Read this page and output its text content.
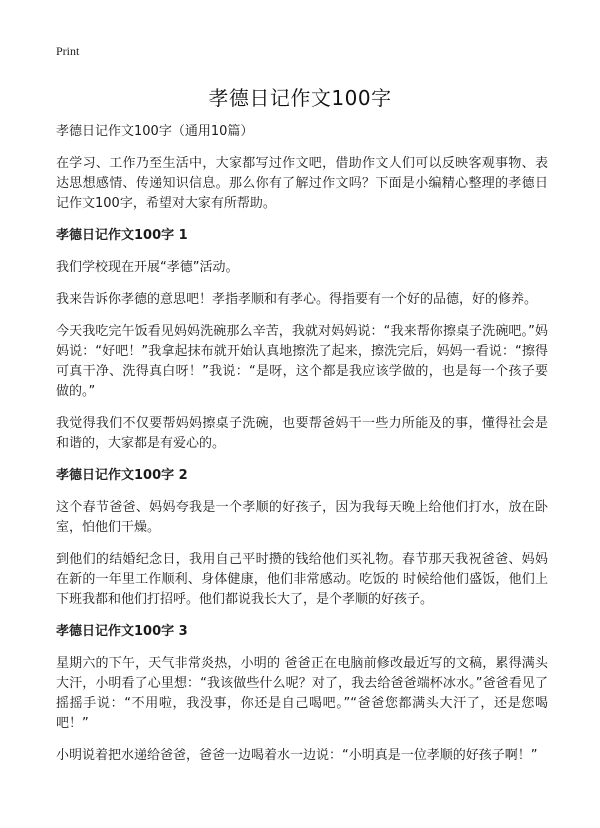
Print
孝德日记作文100字

孝德日记作文100字（通用10篇）

在学习、工作乃至生活中，大家都写过作文吧，借助作文人们可以反映客观事物、表达思想感情、传递知识信息。那么你有了解过作文吗？下面是小编精心整理的孝德日记作文100字，希望对大家有所帮助。

孝德日记作文100字 1

我们学校现在开展“孝德”活动。

我来告诉你孝德的意思吧！孝指孝顺和有孝心。得指要有一个好的品德，好的修养。

今天我吃完午饭看见妈妈洗碗那么辛苦，我就对妈妈说：“我来帮你擦桌子洗碗吧。”妈妈说：“好吧！”我拿起抹布就开始认真地擦洗了起来，擦洗完后，妈妈一看说：“擦得可真干净、洗得真白呀！”我说：“是呀，这个都是我应该学做的，也是每一个孩子要做的。”

我觉得我们不仅要帮妈妈擦桌子洗碗，也要帮爸妈干一些力所能及的事，懂得社会是和谐的，大家都是有爱心的。

孝德日记作文100字 2

这个春节爸爸、妈妈夸我是一个孝顺的好孩子，因为我每天晚上给他们打水，放在卧室，怕他们干燥。

到他们的结婚纪念日，我用自己平时攒的钱给他们买礼物。春节那天我祝爸爸、妈妈在新的一年里工作顺利、身体健康，他们非常感动。吃饭的 时候给他们盛饭，他们上下班我都和他们打招呼。他们都说我长大了，是个孝顺的好孩子。

孝德日记作文100字 3

星期六的下午，天气非常炎热，小明的 爸爸正在电脑前修改最近写的文稿，累得满头大汗，小明看了心里想：“我该做些什么呢？对了，我去给爸爸端杯冰水。”爸爸看见了摇摇手说：“不用啦，我没事，你还是自己喝吧。”“爸爸您都满头大汗了，还是您喝吧！”

小明说着把水递给爸爸，爸爸一边喝着水一边说：“小明真是一位孝顺的好孩子啊！”
